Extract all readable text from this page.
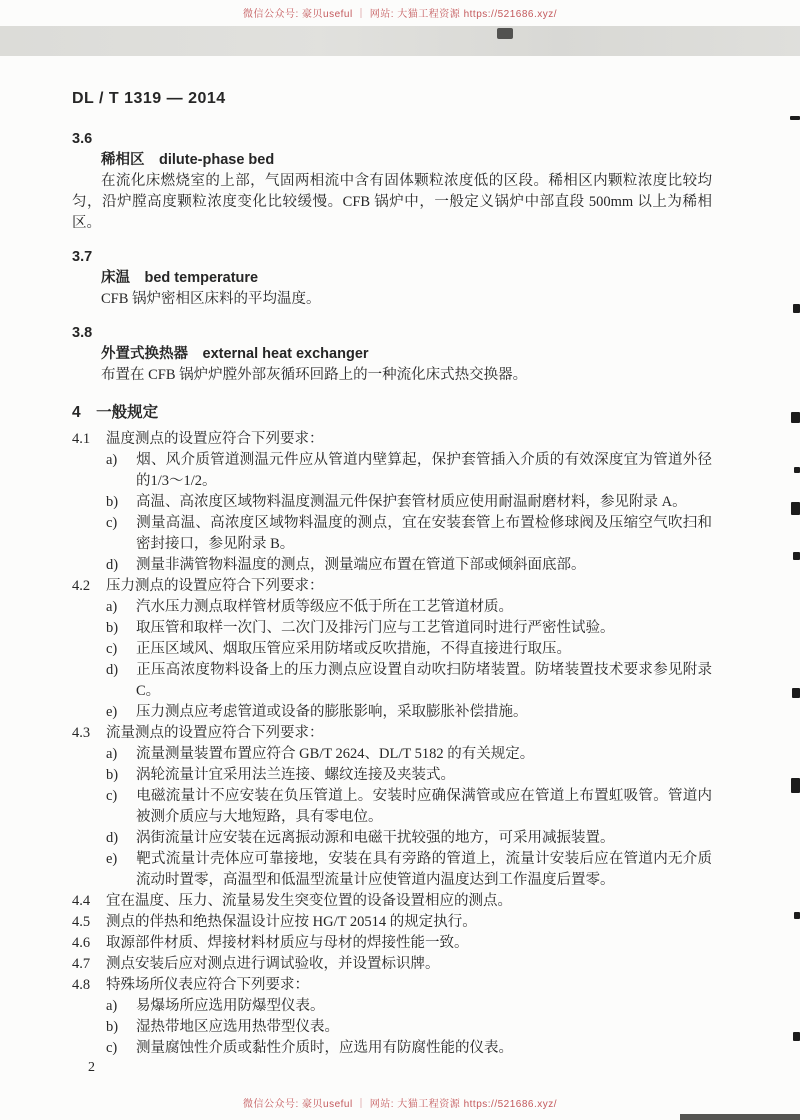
微信公众号: 豪贝useful ｜ 网站: 大猫工程资源 https://521686.xyz/
DL / T 1319 — 2014

3.6

稀相区　dilute-phase bed

在流化床燃烧室的上部，气固两相流中含有固体颗粒浓度低的区段。稀相区内颗粒浓度比较均匀，沿炉膛高度颗粒浓度变化比较缓慢。CFB 锅炉中，一般定义锅炉中部直段 500mm 以上为稀相区。

3.7

床温　bed temperature

CFB 锅炉密相区床料的平均温度。

3.8

外置式换热器　external heat exchanger

布置在 CFB 锅炉炉膛外部灰循环回路上的一种流化床式热交换器。

4 一般规定

4.1 温度测点的设置应符合下列要求：

a) 烟、风介质管道测温元件应从管道内壁算起，保护套管插入介质的有效深度宜为管道外径的1/3～1/2。

b) 高温、高浓度区域物料温度测温元件保护套管材质应使用耐温耐磨材料，参见附录 A。

c) 测量高温、高浓度区域物料温度的测点，宜在安装套管上布置检修球阀及压缩空气吹扫和密封接口，参见附录 B。

d) 测量非满管物料温度的测点，测量端应布置在管道下部或倾斜面底部。

4.2 压力测点的设置应符合下列要求：

a) 汽水压力测点取样管材质等级应不低于所在工艺管道材质。

b) 取压管和取样一次门、二次门及排污门应与工艺管道同时进行严密性试验。

c) 正压区域风、烟取压管应采用防堵或反吹措施，不得直接进行取压。

d) 正压高浓度物料设备上的压力测点应设置自动吹扫防堵装置。防堵装置技术要求参见附录 C。

e) 压力测点应考虑管道或设备的膨胀影响，采取膨胀补偿措施。

4.3 流量测点的设置应符合下列要求：

a) 流量测量装置布置应符合 GB/T 2624、DL/T 5182 的有关规定。

b) 涡轮流量计宜采用法兰连接、螺纹连接及夹装式。

c) 电磁流量计不应安装在负压管道上。安装时应确保满管或应在管道上布置虹吸管。管道内被测介质应与大地短路，具有零电位。

d) 涡街流量计应安装在远离振动源和电磁干扰较强的地方，可采用减振装置。

e) 靶式流量计壳体应可靠接地，安装在具有旁路的管道上，流量计安装后应在管道内无介质流动时置零，高温型和低温型流量计应使管道内温度达到工作温度后置零。

4.4 宜在温度、压力、流量易发生突变位置的设备设置相应的测点。

4.5 测点的伴热和绝热保温设计应按 HG/T 20514 的规定执行。

4.6 取源部件材质、焊接材料材质应与母材的焊接性能一致。

4.7 测点安装后应对测点进行调试验收，并设置标识牌。

4.8 特殊场所仪表应符合下列要求：

a) 易爆场所应选用防爆型仪表。

b) 湿热带地区应选用热带型仪表。

c) 测量腐蚀性介质或黏性介质时，应选用有防腐性能的仪表。

2
微信公众号: 豪贝useful ｜ 网站: 大猫工程资源 https://521686.xyz/
